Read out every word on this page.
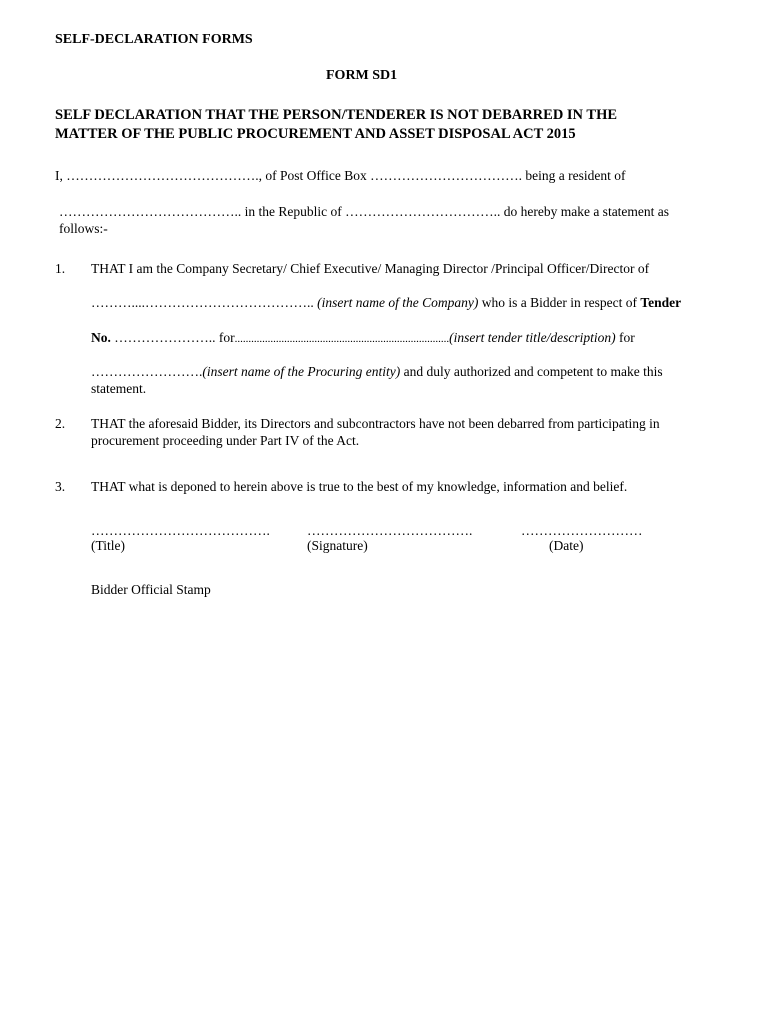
SELF-DECLARATION FORMS
FORM SD1
SELF DECLARATION THAT THE PERSON/TENDERER IS NOT DEBARRED IN THE
MATTER OF THE PUBLIC PROCUREMENT AND ASSET DISPOSAL ACT 2015
I, ……………………………………., of Post Office Box ……………………………. being a resident of
………………………………….. in the Republic of …………………………….. do hereby make a statement as
follows:-
1. THAT I am the Company Secretary/ Chief Executive/ Managing Director /Principal Officer/Director of
………....……………………………….. (insert name of the Company) who is a Bidder in respect of Tender
No. ………………….. for..............................................................................(insert tender title/description) for
…………………….(insert name of the Procuring entity) and duly authorized and competent to make this
statement.
2. THAT the aforesaid Bidder, its Directors and subcontractors have not been debarred from participating in
procurement proceeding under Part IV of the Act.
3. THAT what is deponed to herein above is true to the best of my knowledge, information and belief.
………………………………….
(Title)
……………………………….
(Signature)
………………………
(Date)
Bidder Official Stamp
